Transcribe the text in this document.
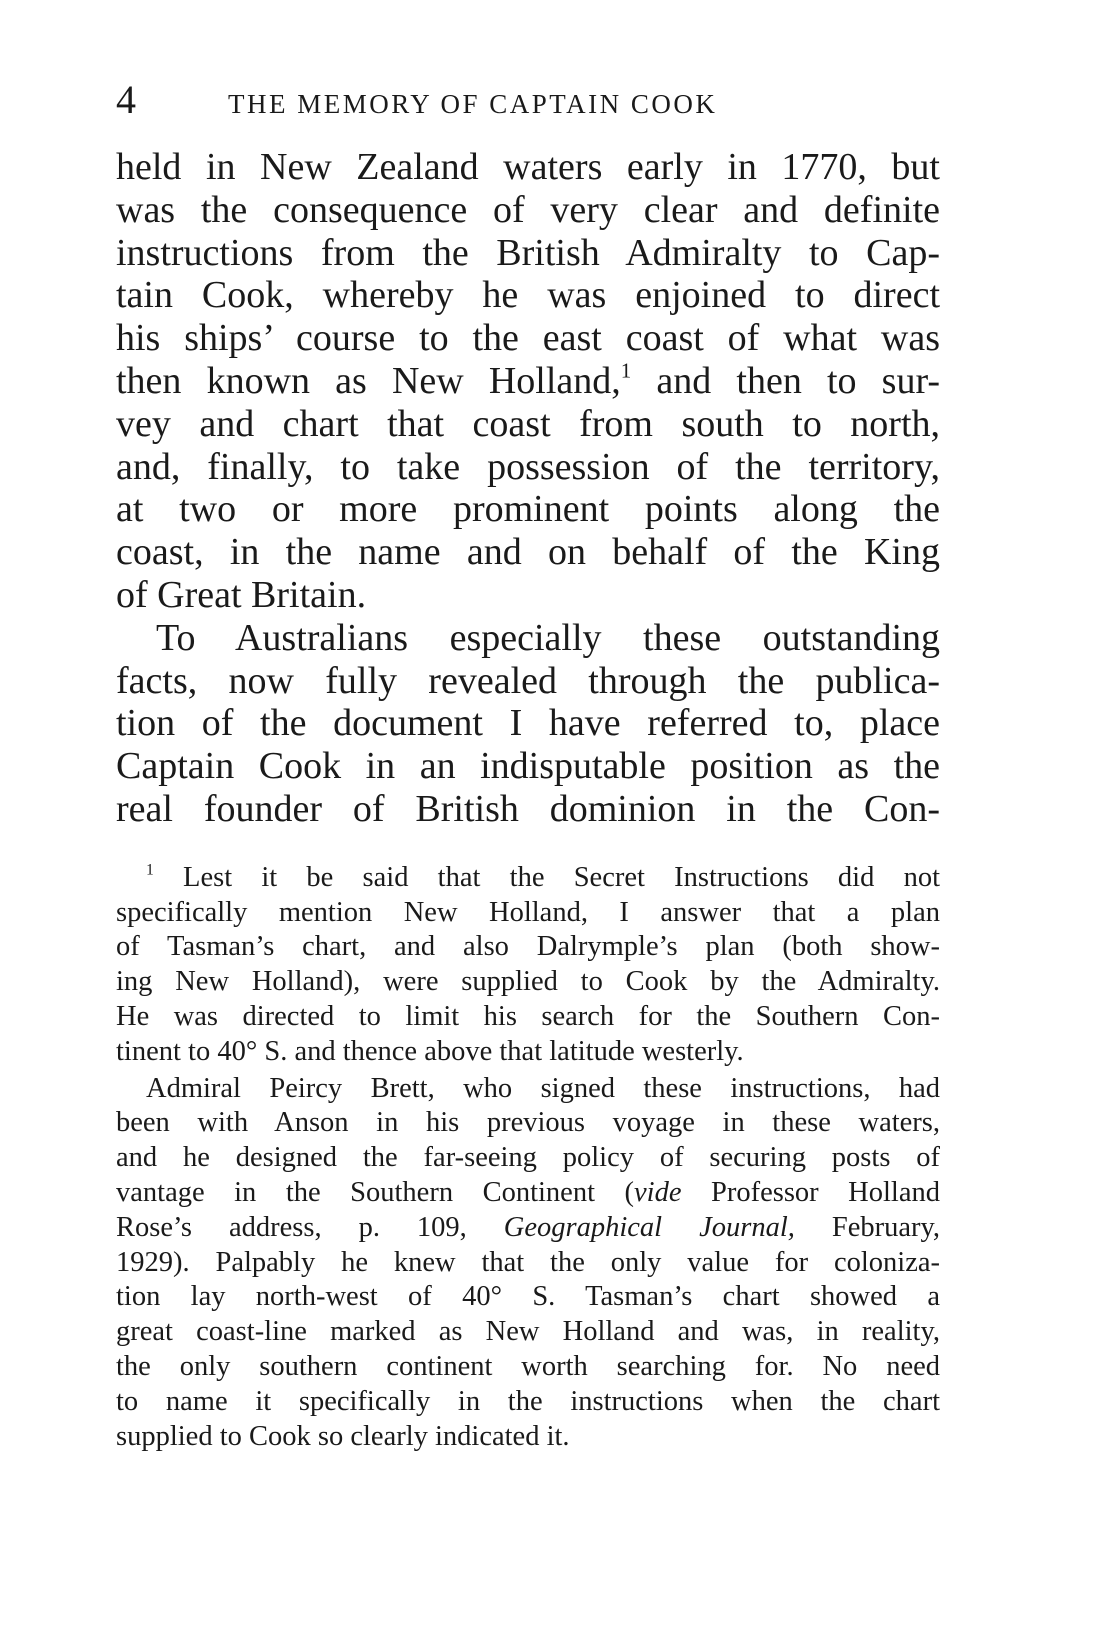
4	THE MEMORY OF CAPTAIN COOK
held in New Zealand waters early in 1770, but
was the consequence of very clear and definite
instructions from the British Admiralty to Cap-
tain Cook, whereby he was enjoined to direct
his ships’ course to the east coast of what was
then known as New Holland,$^1$ and then to sur-
vey and chart that coast from south to north,
and, finally, to take possession of the territory,
at two or more prominent points along the
coast, in the name and on behalf of the King
of Great Britain.
To Australians especially these outstanding
facts, now fully revealed through the publica-
tion of the document I have referred to, place
Captain Cook in an indisputable position as the
real founder of British dominion in the Con-
$^1$ Lest it be said that the Secret Instructions did not
specifically mention New Holland, I answer that a plan
of Tasman’s chart, and also Dalrymple’s plan (both show-
ing New Holland), were supplied to Cook by the Admiralty.
He was directed to limit his search for the Southern Con-
tinent to 40° S. and thence above that latitude westerly.
Admiral Peircy Brett, who signed these instructions, had
been with Anson in his previous voyage in these waters,
and he designed the far-seeing policy of securing posts of
vantage in the Southern Continent (vide Professor Holland
Rose’s address, p. 109, Geographical Journal, February,
1929). Palpably he knew that the only value for coloniza-
tion lay north-west of 40° S. Tasman’s chart showed a
great coast-line marked as New Holland and was, in reality,
the only southern continent worth searching for. No need
to name it specifically in the instructions when the chart
supplied to Cook so clearly indicated it.
